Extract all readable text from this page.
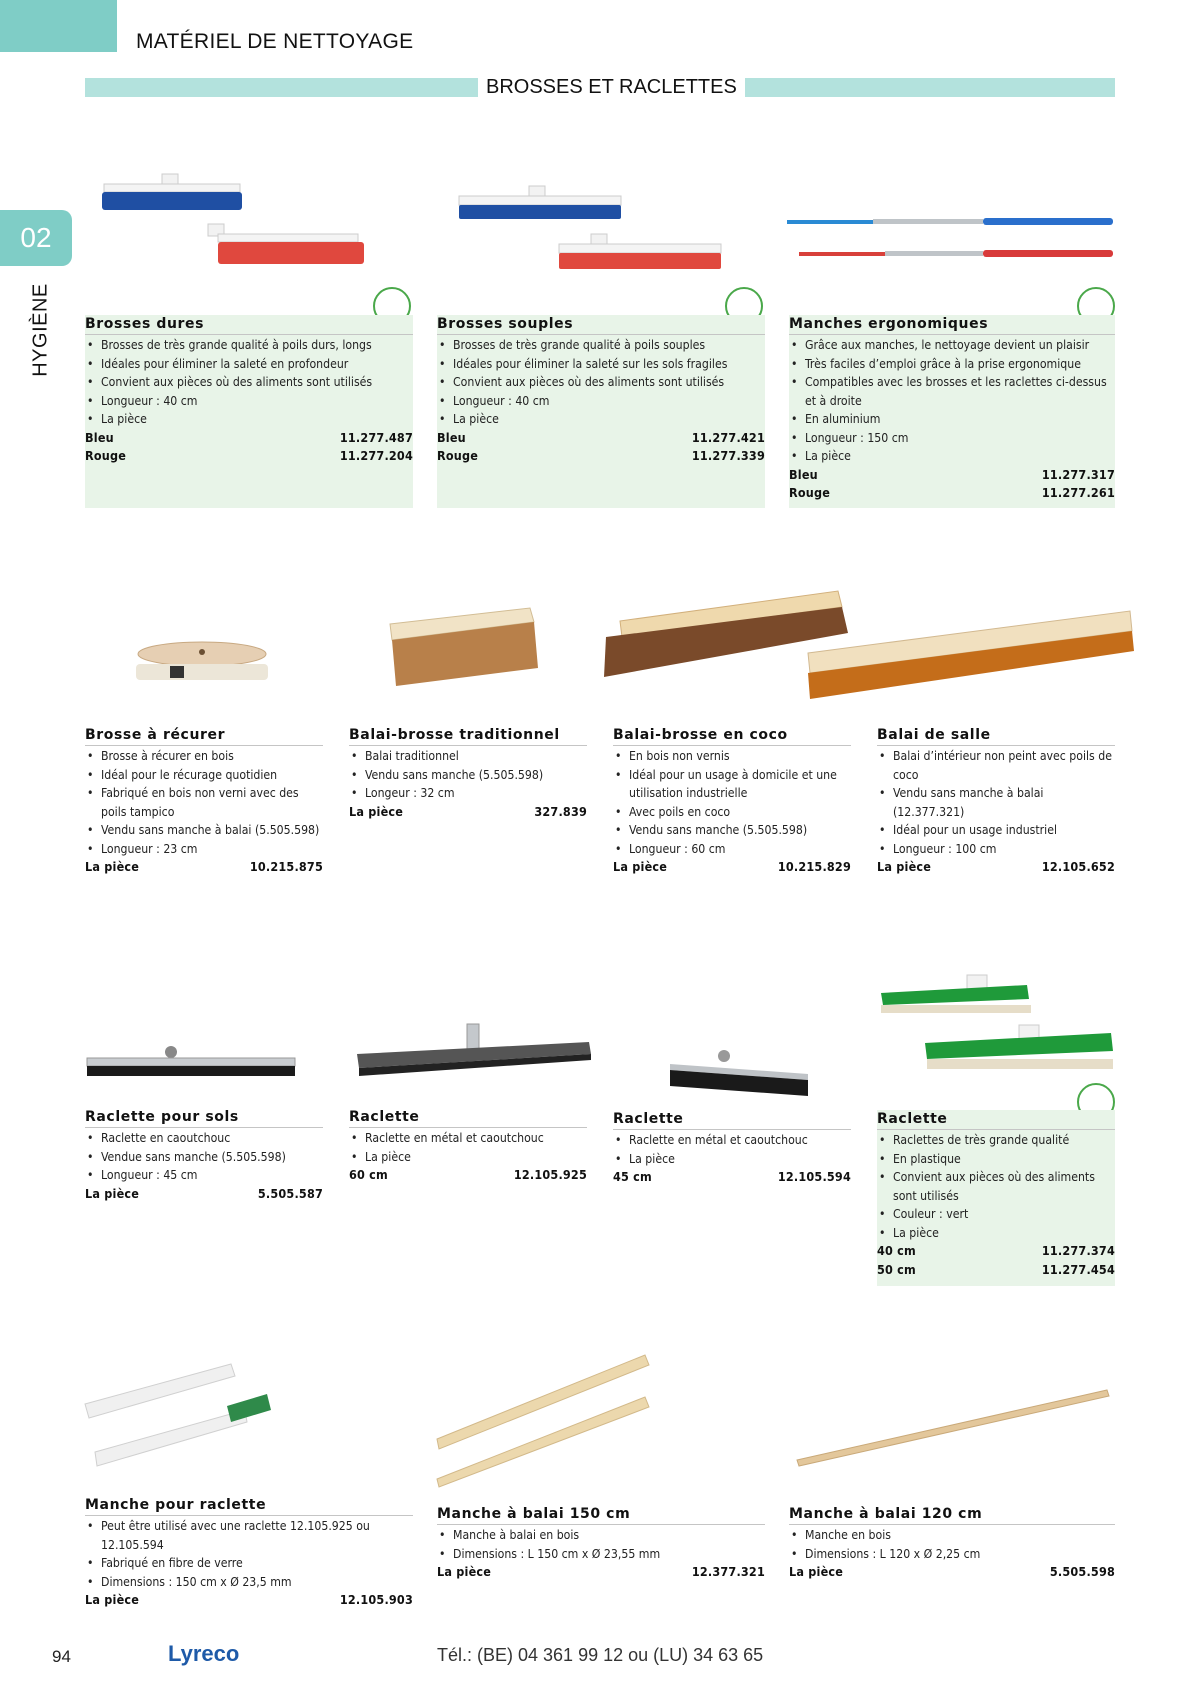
MATÉRIEL DE NETTOYAGE
BROSSES ET RACLETTES
02
HYGIÈNE Brosses dures
• Brosses de très grande qualité à poils durs, longs
• Idéales pour éliminer la saleté en profondeur
• Convient aux pièces où des aliments sont utilisés
• Longueur : 40 cm
• La pièce
Bleu	11.277.487
Rouge	11.277.204
Brosses souples
• Brosses de très grande qualité à poils souples
• Idéales pour éliminer la saleté sur les sols fragiles
• Convient aux pièces où des aliments sont utilisés
• Longueur : 40 cm
• La pièce
Bleu	11.277.421
Rouge	11.277.339
Manches ergonomiques
• Grâce aux manches, le nettoyage devient un plaisir
• Très faciles d’emploi grâce à la prise ergonomique
• Compatibles avec les brosses et les raclettes ci-dessus et à droite
• En aluminium
• Longueur : 150 cm
• La pièce
Bleu	11.277.317
Rouge	11.277.261
Brosse à récurer
• Brosse à récurer en bois
• Idéal pour le récurage quotidien
• Fabriqué en bois non verni avec des poils tampico
• Vendu sans manche à balai (5.505.598)
• Longueur : 23 cm
La pièce	10.215.875
Balai-brosse traditionnel
• Balai traditionnel
• Vendu sans manche (5.505.598)
• Longeur : 32 cm
La pièce	327.839
Balai-brosse en coco
• En bois non vernis
• Idéal pour un usage à domicile et une utilisation industrielle
• Avec poils en coco
• Vendu sans manche (5.505.598)
• Longueur : 60 cm
La pièce	10.215.829
Balai de salle
• Balai d’intérieur non peint avec poils de coco
• Vendu sans manche à balai (12.377.321)
• Idéal pour un usage industriel
• Longueur : 100 cm
La pièce	12.105.652
Raclette pour sols
• Raclette en caoutchouc
• Vendue sans manche (5.505.598)
• Longueur : 45 cm
La pièce	5.505.587
Raclette
• Raclette en métal et caoutchouc
• La pièce
60 cm	12.105.925
Raclette
• Raclette en métal et caoutchouc
• La pièce
45 cm	12.105.594
Raclette
• Raclettes de très grande qualité
• En plastique
• Convient aux pièces où des aliments sont utilisés
• Couleur : vert
• La pièce
40 cm	11.277.374
50 cm	11.277.454
Manche pour raclette
• Peut être utilisé avec une raclette 12.105.925 ou 12.105.594
• Fabriqué en fibre de verre
• Dimensions : 150 cm x Ø 23,5 mm
La pièce	12.105.903
Manche à balai 150 cm
• Manche à balai en bois
• Dimensions : L 150 cm x Ø 23,55 mm
La pièce	12.377.321
Manche à balai 120 cm
• Manche en bois
• Dimensions : L 120 x Ø 2,25 cm
La pièce	5.505.598
94	Lyreco	Tél.: (BE) 04 361 99 12 ou (LU) 34 63 65
